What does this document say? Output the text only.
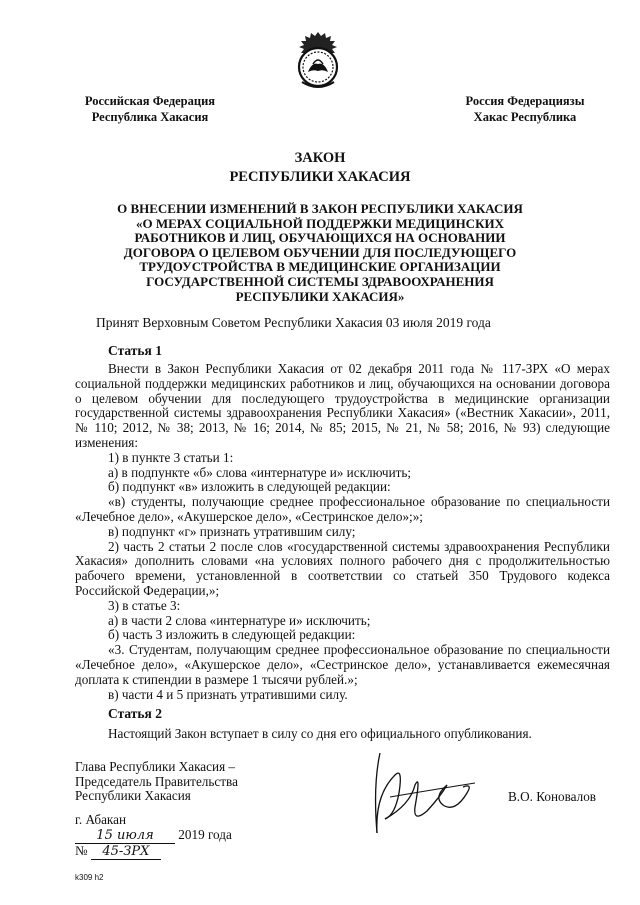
Российская Федерация
Республика Хакасия
Россия Федерациязы
Хакас Республика
ЗАКОН
РЕСПУБЛИКИ ХАКАСИЯ
О ВНЕСЕНИИ ИЗМЕНЕНИЙ В ЗАКОН РЕСПУБЛИКИ ХАКАСИЯ
«О МЕРАХ СОЦИАЛЬНОЙ ПОДДЕРЖКИ МЕДИЦИНСКИХ
РАБОТНИКОВ И ЛИЦ, ОБУЧАЮЩИХСЯ НА ОСНОВАНИИ
ДОГОВОРА О ЦЕЛЕВОМ ОБУЧЕНИИ ДЛЯ ПОСЛЕДУЮЩЕГО
ТРУДОУСТРОЙСТВА В МЕДИЦИНСКИЕ ОРГАНИЗАЦИИ
ГОСУДАРСТВЕННОЙ СИСТЕМЫ ЗДРАВООХРАНЕНИЯ
РЕСПУБЛИКИ ХАКАСИЯ»
Принят Верховным Советом Республики Хакасия 03 июля 2019 года
Статья 1

Внести в Закон Республики Хакасия от 02 декабря 2011 года № 117-ЗРХ «О мерах социальной поддержки медицинских работников и лиц, обучающихся на основании договора о целевом обучении для последующего трудоустройства в медицинские организации государственной системы здравоохранения Республики Хакасия» («Вестник Хакасии», 2011, № 110; 2012, № 38; 2013, № 16; 2014, № 85; 2015, № 21, № 58; 2016, № 93) следующие изменения:

1) в пункте 3 статьи 1:

а) в подпункте «б» слова «интернатуре и» исключить;

б) подпункт «в» изложить в следующей редакции:

«в) студенты, получающие среднее профессиональное образование по специальности «Лечебное дело», «Акушерское дело», «Сестринское дело»;»;

в) подпункт «г» признать утратившим силу;

2) часть 2 статьи 2 после слов «государственной системы здравоохранения Республики Хакасия» дополнить словами «на условиях полного рабочего дня с продолжительностью рабочего времени, установленной в соответствии со статьей 350 Трудового кодекса Российской Федерации,»;

3) в статье 3:

а) в части 2 слова «интернатуре и» исключить;

б) часть 3 изложить в следующей редакции:

«3. Студентам, получающим среднее профессиональное образование по специальности «Лечебное дело», «Акушерское дело», «Сестринское дело», устанавливается ежемесячная доплата к стипендии в размере 1 тысячи рублей.»;

в) части 4 и 5 признать утратившими силу.

Статья 2
Настоящий Закон вступает в силу со дня его официального опубликования.
Глава Республики Хакасия –
Председатель Правительства
Республики Хакасия	В.О. Коновалов
г. Абакан
15 июля 2019 года
№ 45-ЗРХ
k309 h2
